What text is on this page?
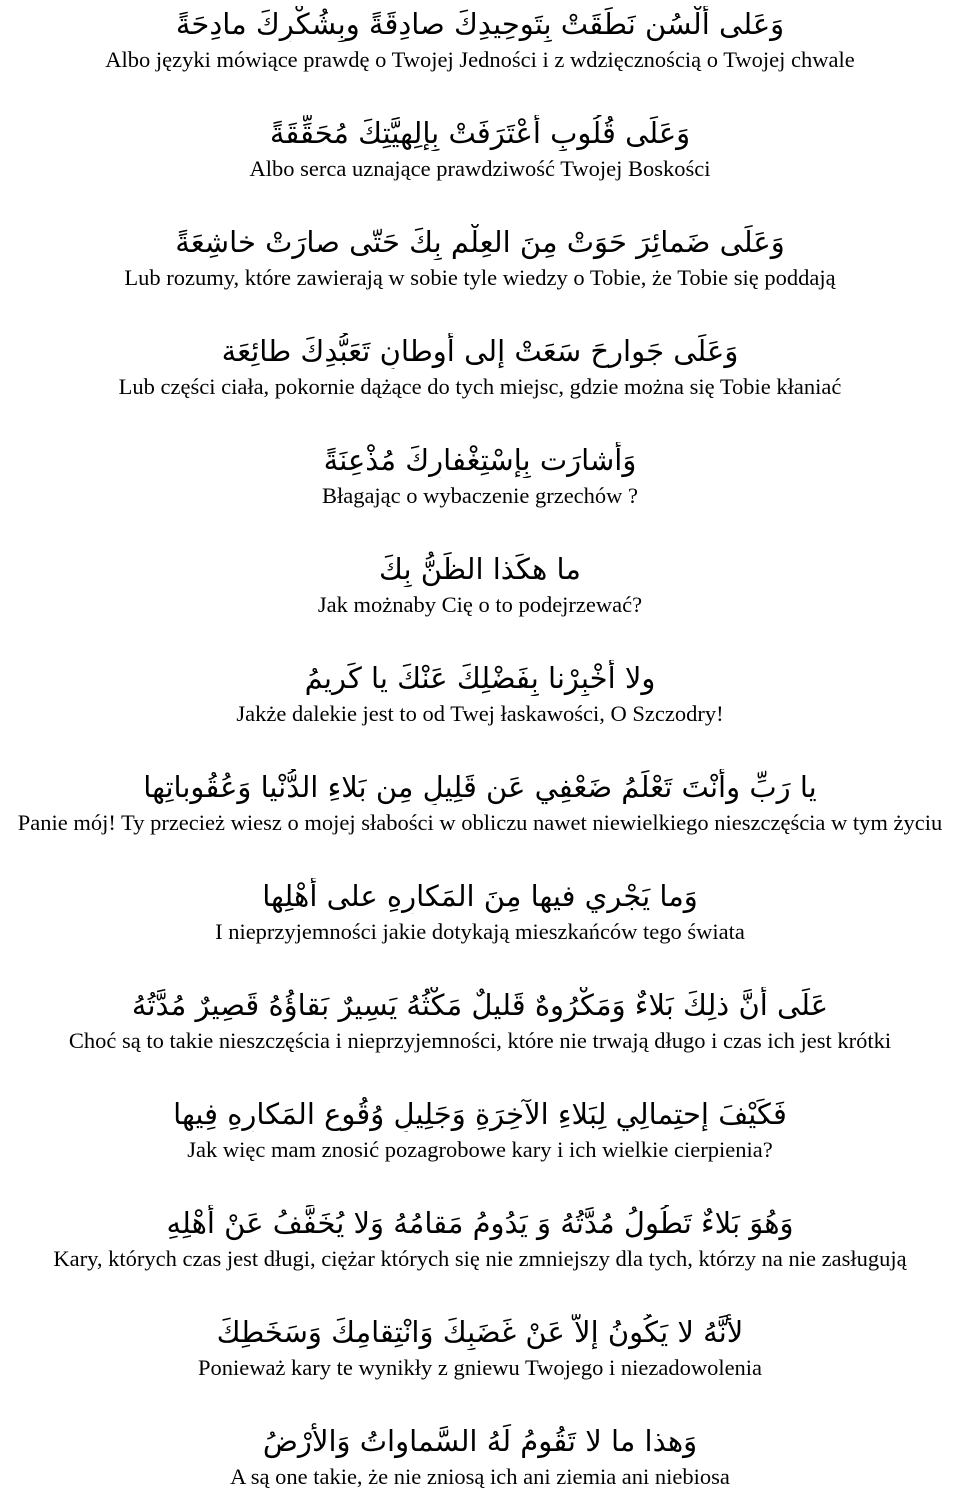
وَعَلى أَلْسُنٍ نَطَقَتْ بِتَوحِيدِكَ صادِقَةً وبِشُكْرِكَ مادِحَةً

Albo języki mówiące prawdę o Twojej Jedności i z wdzięcznością o Twojej chwale

وَعَلَى قُلُوبٍ أَعْتَرَفَتْ بِإلِهِيَّتِكَ مُحَقِّقَةً

Albo serca uznające prawdziwość Twojej Boskości

وَعَلَى ضَمائِرَ حَوَتْ مِنَ العِلْمِ بِكَ حَتّى صارَتْ خاشِعَةً

Lub rozumy, które zawierają w sobie tyle wiedzy o Tobie, że Tobie się poddają

وَعَلَى جَوارِحَ سَعَتْ إلى أوطانِ تَعَبُّدِكَ طائِعَة

Lub części ciała, pokornie dążące do tych miejsc, gdzie można się Tobie kłaniać

وَأَشارَت بِإسْتِغْفارِكَ مُذْعِنَةً

Błagając o wybaczenie grzechów ?

ما هكَذا الظَنُّ بِكَ

Jak możnaby Cię o to podejrzewać?

ولا أُخْبِرْنا بِفَضْلِكَ عَنْكَ يا كَريمُ

Jakże dalekie jest to od Twej łaskawości, O Szczodry!

يا رَبِّ وأنْتَ تَعْلَمُ ضَعْفِي عَن قَلِيلٍ مِن بَلاءِ الدُّنْيا وَعُقُوباتِها

Panie mój! Ty przecież wiesz o mojej słabości w obliczu nawet niewielkiego nieszczęścia w tym życiu

وَما يَجْري فيها مِنَ المَكارِهِ على أهْلِها

I nieprzyjemności jakie dotykają mieszkańców tego świata

عَلَى أنَّ ذلِكَ بَلاءٌ وَمَكْرُوهٌ قَليلٌ مَكْثُهُ يَسِيرٌ بَقاؤُهُ قَصِيرٌ مُدَّتُهُ

Choć są to takie nieszczęścia i nieprzyjemności, które nie trwają długo i czas ich jest krótki

فَكَيْفَ إحتِمالِي لِبَلاءِ الآخِرَةِ وَجَلِيلِ وُقُوعِ المَكارِهِ فِيها

Jak więc mam znosić pozagrobowe kary i ich wielkie cierpienia?

وَهُوَ بَلاءٌ تَطُولُ مُدَّتُهُ وَ يَدُومُ مَقامُهُ وَلا يُخَفَّفُ عَنْ أَهْلِهِ

Kary, których czas jest długi, ciężar których się nie zmniejszy dla tych, którzy na nie zasługują

لأنَّهُ لا يَكُونُ إلاّ عَنْ غَضَبِكَ وَانْتِقامِكَ وَسَخَطِكَ

Ponieważ kary te wynikły z gniewu Twojego i niezadowolenia

وَهذا ما لا تَقُومُ لَهُ السَّماواتُ وَالأَرْضُ

A są one takie, że nie zniosą ich ani ziemia ani niebiosa
